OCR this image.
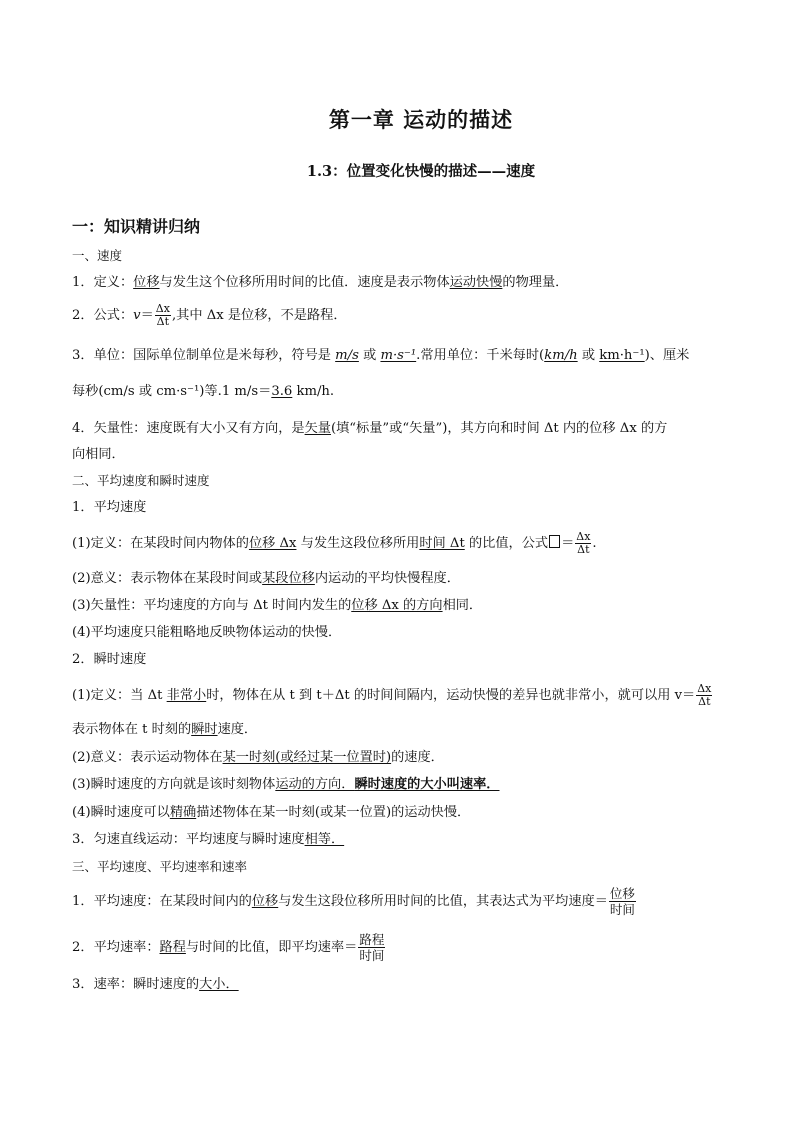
第一章 运动的描述
1.3：位置变化快慢的描述——速度
一：知识精讲归纳
一、速度
1．定义：位移与发生这个位移所用时间的比值．速度是表示物体运动快慢的物理量．
2．公式：$v= \frac{\Delta x}{\Delta t}$ ,其中 Δx 是位移，不是路程．
3．单位：国际单位制单位是米每秒，符号是 m/s 或 m·s⁻¹.常用单位：千米每时(km/h 或 km·h⁻¹)、厘米
每秒(cm/s 或 cm·s⁻¹)等.1 m/s＝3.6 km/h.
4．矢量性：速度既有大小又有方向，是矢量(填“标量”或“矢量”)，其方向和时间 Δt 内的位移 Δx 的方
向相同．
二、平均速度和瞬时速度
1．平均速度
(1)定义：在某段时间内物体的位移 Δx 与发生这段位移所用时间 Δt 的比值，公式 ＝ $\frac{\Delta x}{\Delta t}$ .
(2)意义：表示物体在某段时间或某段位移内运动的平均快慢程度．
(3)矢量性：平均速度的方向与 Δt 时间内发生的位移 Δx 的方向相同．
(4)平均速度只能粗略地反映物体运动的快慢．
2．瞬时速度
(1)定义：当 Δt 非常小时，物体在从 t 到 t＋Δt 的时间间隔内，运动快慢的差异也就非常小，就可以用 $v= \frac{\Delta x}{\Delta t}$
表示物体在 t 时刻的瞬时速度．
(2)意义：表示运动物体在某一时刻(或经过某一位置时)的速度．
(3)瞬时速度的方向就是该时刻物体运动的方向．瞬时速度的大小叫速率．
(4)瞬时速度可以精确描述物体在某一时刻(或某一位置)的运动快慢．
3．匀速直线运动：平均速度与瞬时速度相等．
三、平均速度、平均速率和速率
1．平均速度：在某段时间内的位移与发生这段位移所用时间的比值，其表达式为平均速度＝ $\frac{\text{位移}}{\text{时间}}$
2．平均速率：路程与时间的比值，即平均速率＝ $\frac{\text{路程}}{\text{时间}}$
3．速率：瞬时速度的大小．
